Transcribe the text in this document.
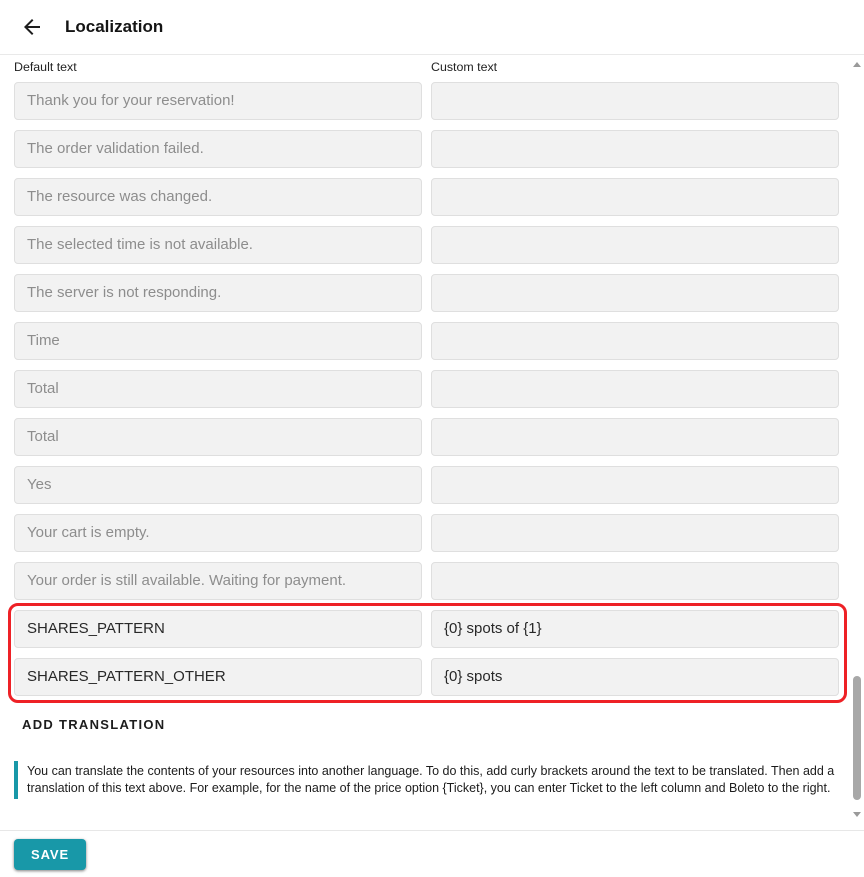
Localization
Default text	Custom text
Thank you for your reservation!
The order validation failed.
The resource was changed.
The selected time is not available.
The server is not responding.
Time
Total
Total
Yes
Your cart is empty.
Your order is still available. Waiting for payment.
SHARES_PATTERN	{0} spots of {1}
SHARES_PATTERN_OTHER	{0} spots
ADD TRANSLATION
You can translate the contents of your resources into another language. To do this, add curly brackets around the text to be translated. Then add a translation of this text above. For example, for the name of the price option {Ticket}, you can enter Ticket to the left column and Boleto to the right.
SAVE
